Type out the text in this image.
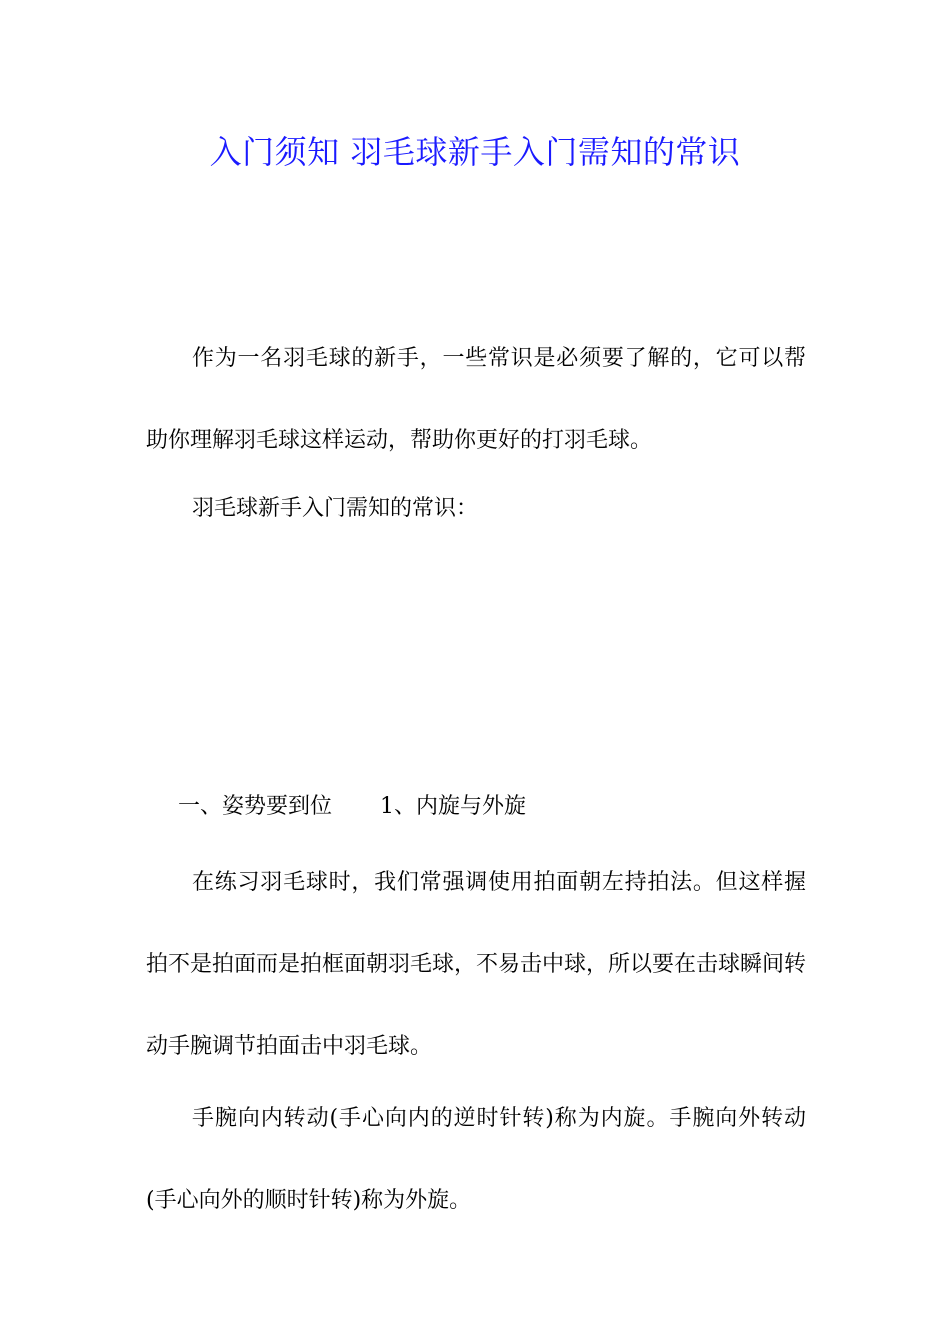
入门须知 羽毛球新手入门需知的常识
作为一名羽毛球的新手，一些常识是必须要了解的，它可以帮助你理解羽毛球这样运动，帮助你更好的打羽毛球。
羽毛球新手入门需知的常识：
一、姿势要到位 1、内旋与外旋
在练习羽毛球时，我们常强调使用拍面朝左持拍法。但这样握拍不是拍面而是拍框面朝羽毛球，不易击中球，所以要在击球瞬间转动手腕调节拍面击中羽毛球。
手腕向内转动(手心向内的逆时针转)称为内旋。手腕向外转动(手心向外的顺时针转)称为外旋。
